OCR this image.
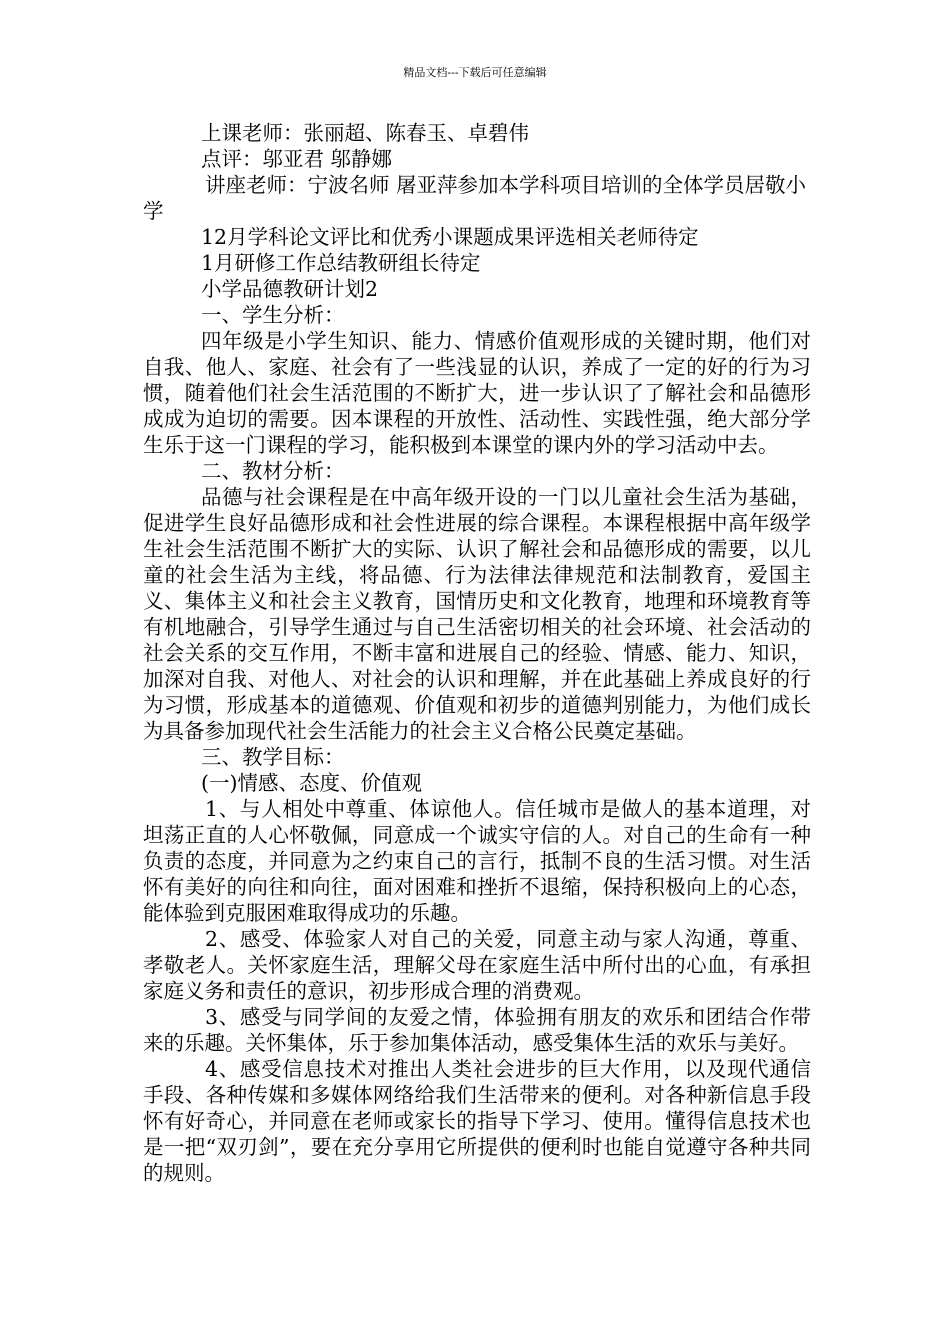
精品文档---下载后可任意编辑

上课老师：张丽超、陈春玉、卓碧伟

点评：邬亚君 邬静娜

讲座老师：宁波名师 屠亚萍参加本学科项目培训的全体学员居敬小学

12月学科论文评比和优秀小课题成果评选相关老师待定

1月研修工作总结教研组长待定

小学品德教研计划2

一、学生分析：

四年级是小学生知识、能力、情感价值观形成的关键时期，他们对自我、他人、家庭、社会有了一些浅显的认识，养成了一定的好的行为习惯，随着他们社会生活范围的不断扩大，进一步认识了了解社会和品德形成成为迫切的需要。因本课程的开放性、活动性、实践性强，绝大部分学生乐于这一门课程的学习，能积极到本课堂的课内外的学习活动中去。

二、教材分析：

品德与社会课程是在中高年级开设的一门以儿童社会生活为基础，促进学生良好品德形成和社会性进展的综合课程。本课程根据中高年级学生社会生活范围不断扩大的实际、认识了解社会和品德形成的需要，以儿童的社会生活为主线，将品德、行为法律法律规范和法制教育，爱国主义、集体主义和社会主义教育，国情历史和文化教育，地理和环境教育等有机地融合，引导学生通过与自己生活密切相关的社会环境、社会活动的社会关系的交互作用，不断丰富和进展自己的经验、情感、能力、知识，加深对自我、对他人、对社会的认识和理解，并在此基础上养成良好的行为习惯，形成基本的道德观、价值观和初步的道德判别能力，为他们成长为具备参加现代社会生活能力的社会主义合格公民奠定基础。

三、教学目标：

(一)情感、态度、价值观

1、与人相处中尊重、体谅他人。信任城市是做人的基本道理，对坦荡正直的人心怀敬佩，同意成一个诚实守信的人。对自己的生命有一种负责的态度，并同意为之约束自己的言行，抵制不良的生活习惯。对生活怀有美好的向往和向往，面对困难和挫折不退缩，保持积极向上的心态，能体验到克服困难取得成功的乐趣。

2、感受、体验家人对自己的关爱，同意主动与家人沟通，尊重、孝敬老人。关怀家庭生活，理解父母在家庭生活中所付出的心血，有承担家庭义务和责任的意识，初步形成合理的消费观。

3、感受与同学间的友爱之情，体验拥有朋友的欢乐和团结合作带来的乐趣。关怀集体，乐于参加集体活动，感受集体生活的欢乐与美好。

4、感受信息技术对推出人类社会进步的巨大作用，以及现代通信手段、各种传媒和多媒体网络给我们生活带来的便利。对各种新信息手段怀有好奇心，并同意在老师或家长的指导下学习、使用。懂得信息技术也是一把“双刃剑”，要在充分享用它所提供的便利时也能自觉遵守各种共同的规则。
